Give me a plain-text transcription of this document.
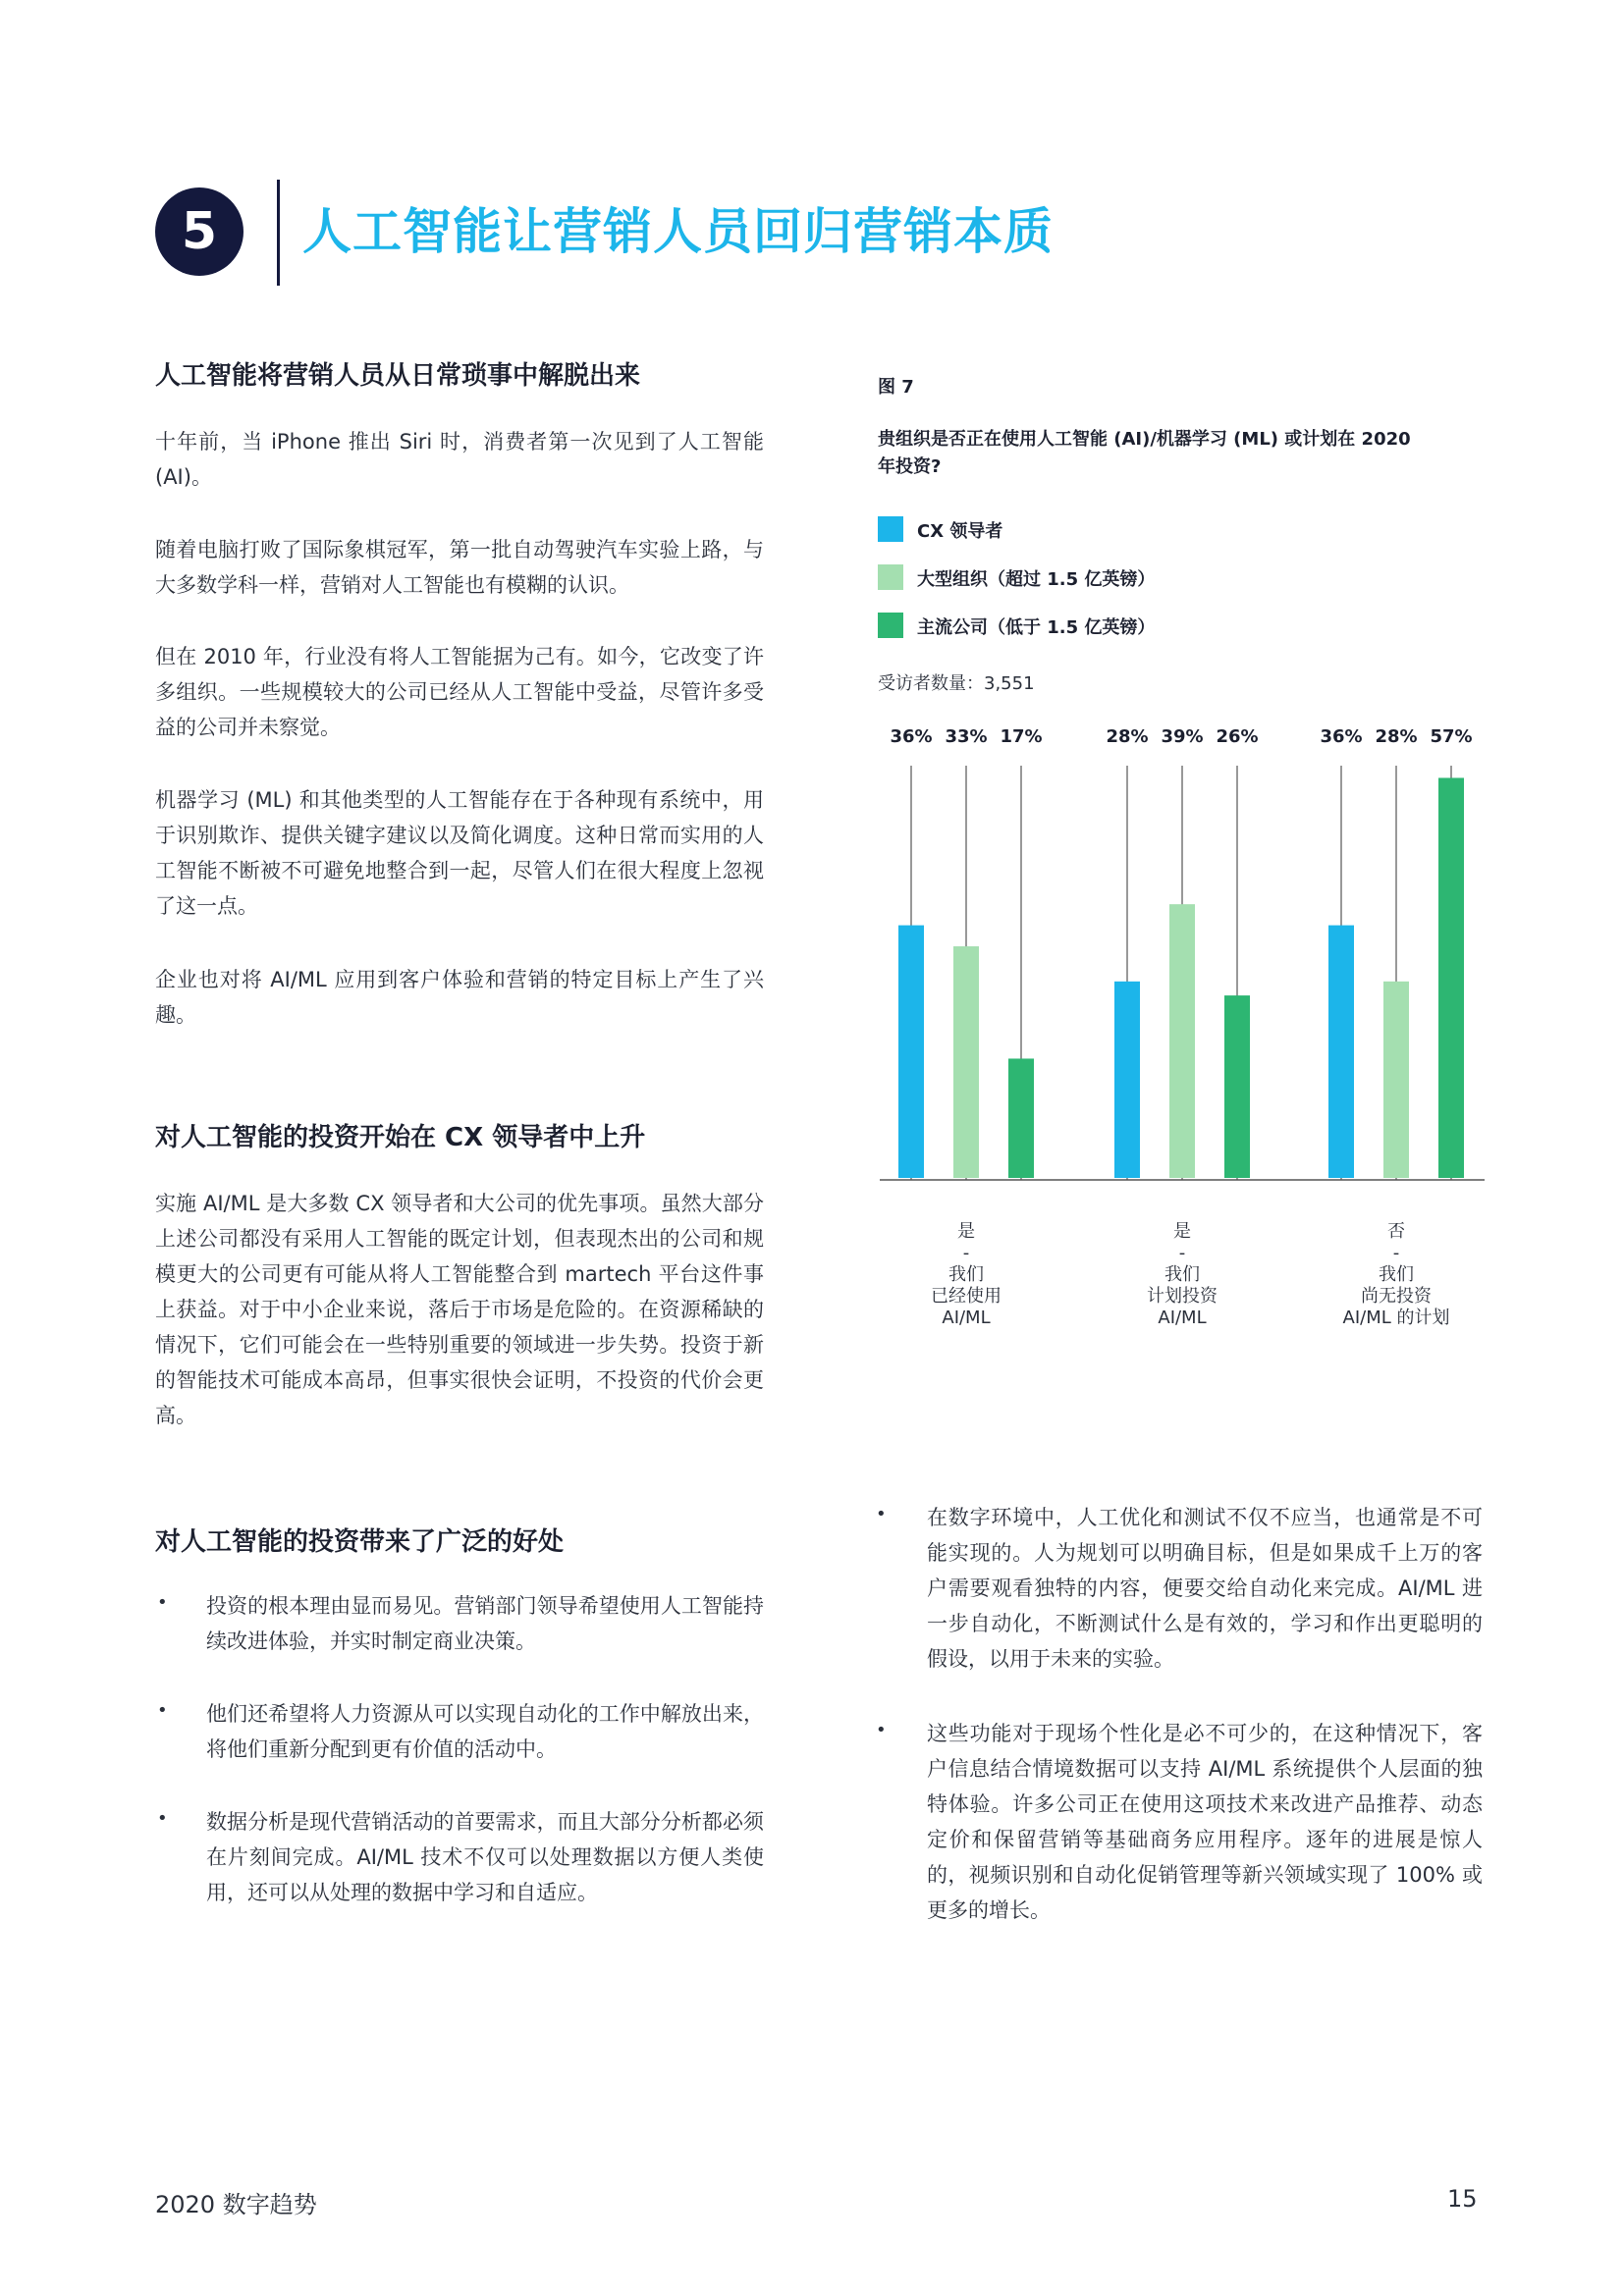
5	人工智能让营销人员回归营销本质
人工智能将营销人员从日常琐事中解脱出来
十年前，当 iPhone 推出 Siri 时，消费者第一次见到了人工智能 (AI)。
随着电脑打败了国际象棋冠军，第一批自动驾驶汽车实验上路，与大多数学科一样，营销对人工智能也有模糊的认识。
但在 2010 年，行业没有将人工智能据为己有。如今，它改变了许多组织。一些规模较大的公司已经从人工智能中受益，尽管许多受益的公司并未察觉。
机器学习 (ML) 和其他类型的人工智能存在于各种现有系统中，用于识别欺诈、提供关键字建议以及简化调度。这种日常而实用的人工智能不断被不可避免地整合到一起，尽管人们在很大程度上忽视了这一点。
企业也对将 AI/ML 应用到客户体验和营销的特定目标上产生了兴趣。
对人工智能的投资开始在 CX 领导者中上升
实施 AI/ML 是大多数 CX 领导者和大公司的优先事项。虽然大部分上述公司都没有采用人工智能的既定计划，但表现杰出的公司和规模更大的公司更有可能从将人工智能整合到 martech 平台这件事上获益。对于中小企业来说，落后于市场是危险的。在资源稀缺的情况下，它们可能会在一些特别重要的领域进一步失势。投资于新的智能技术可能成本高昂，但事实很快会证明，不投资的代价会更高。
对人工智能的投资带来了广泛的好处
• 投资的根本理由显而易见。营销部门领导希望使用人工智能持续改进体验，并实时制定商业决策。
• 他们还希望将人力资源从可以实现自动化的工作中解放出来，将他们重新分配到更有价值的活动中。
• 数据分析是现代营销活动的首要需求，而且大部分分析都必须在片刻间完成。AI/ML 技术不仅可以处理数据以方便人类使用，还可以从处理的数据中学习和自适应。
图 7
贵组织是否正在使用人工智能 (AI)/机器学习 (ML) 或计划在 2020 年投资?
CX 领导者
大型组织（超过 1.5 亿英镑）
主流公司（低于 1.5 亿英镑）
受访者数量：3,551
36%	28%	36%
33%	39%	28%
17%	26%	57%
是
-
我们
已经使用
AI/ML
是
-
我们
计划投资
AI/ML
否
-
我们
尚无投资
AI/ML 的计划
• 在数字环境中，人工优化和测试不仅不应当，也通常是不可能实现的。人为规划可以明确目标，但是如果成千上万的客户需要观看独特的内容，便要交给自动化来完成。AI/ML 进一步自动化，不断测试什么是有效的，学习和作出更聪明的假设，以用于未来的实验。
• 这些功能对于现场个性化是必不可少的，在这种情况下，客户信息结合情境数据可以支持 AI/ML 系统提供个人层面的独特体验。许多公司正在使用这项技术来改进产品推荐、动态定价和保留营销等基础商务应用程序。逐年的进展是惊人的，视频识别和自动化促销管理等新兴领域实现了 100% 或更多的增长。
2020 数字趋势	15
